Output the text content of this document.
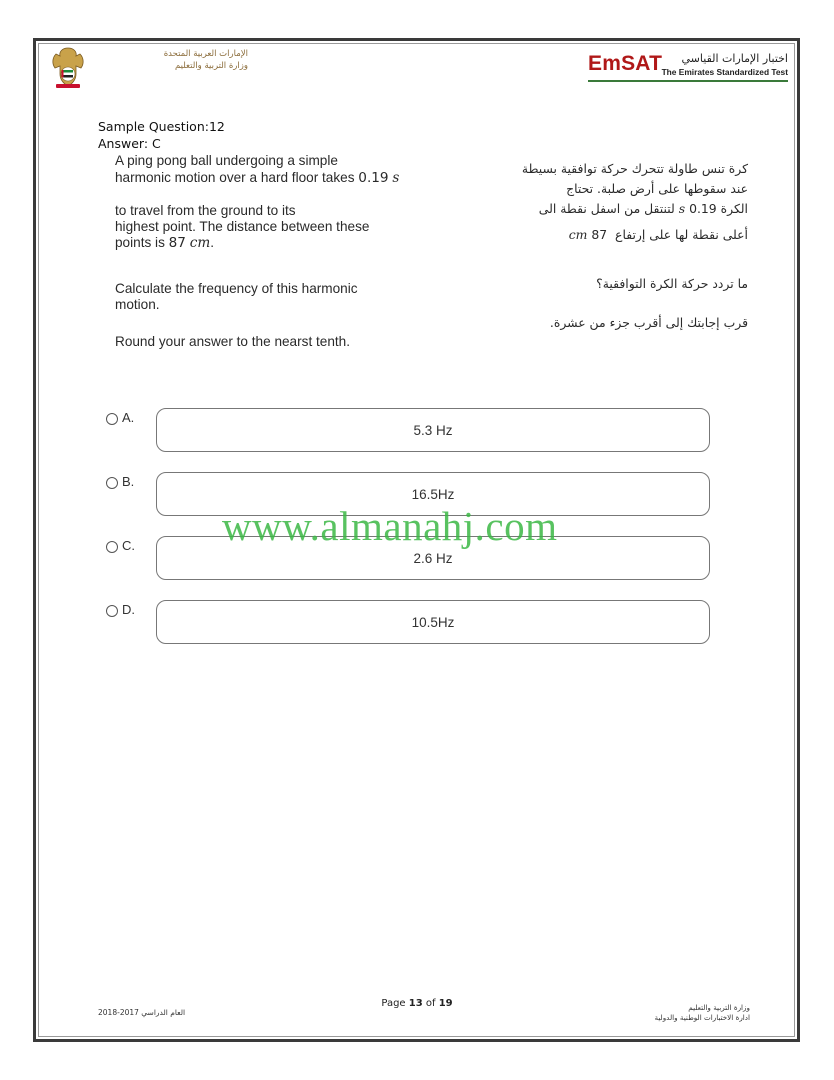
الإمارات العربية المتحدة
وزارة التربية والتعليم	EmSAT اختبار الإمارات القياسي
The Emirates Standardized Test
Sample Question:12
Answer: C
A ping pong ball undergoing a simple
harmonic motion over a hard floor takes 0.19 s
to travel from the ground to its
highest point. The distance between these
points is 87 cm.
Calculate the frequency of this harmonic
motion.
Round your answer to the nearst tenth.
كرة تنس طاولة تتحرك حركة توافقية بسيطة
عند سقوطها على أرض صلبة. تحتاج
الكرة s 0.19 لتنتقل من اسفل نقطة الى
أعلى نقطة لها على إرتفاع  cm 87
ما تردد حركة الكرة التوافقية؟
قرب إجابتك إلى أقرب جزء من عشرة.
A.
5.3 Hz
B.
16.5Hz
C.
2.6 Hz
D.
10.5Hz
www.almanahj.com
العام الدراسي 2017-2018
Page 13 of 19	وزارة التربية والتعليم
ادارة الاختبارات الوطنية والدولية
